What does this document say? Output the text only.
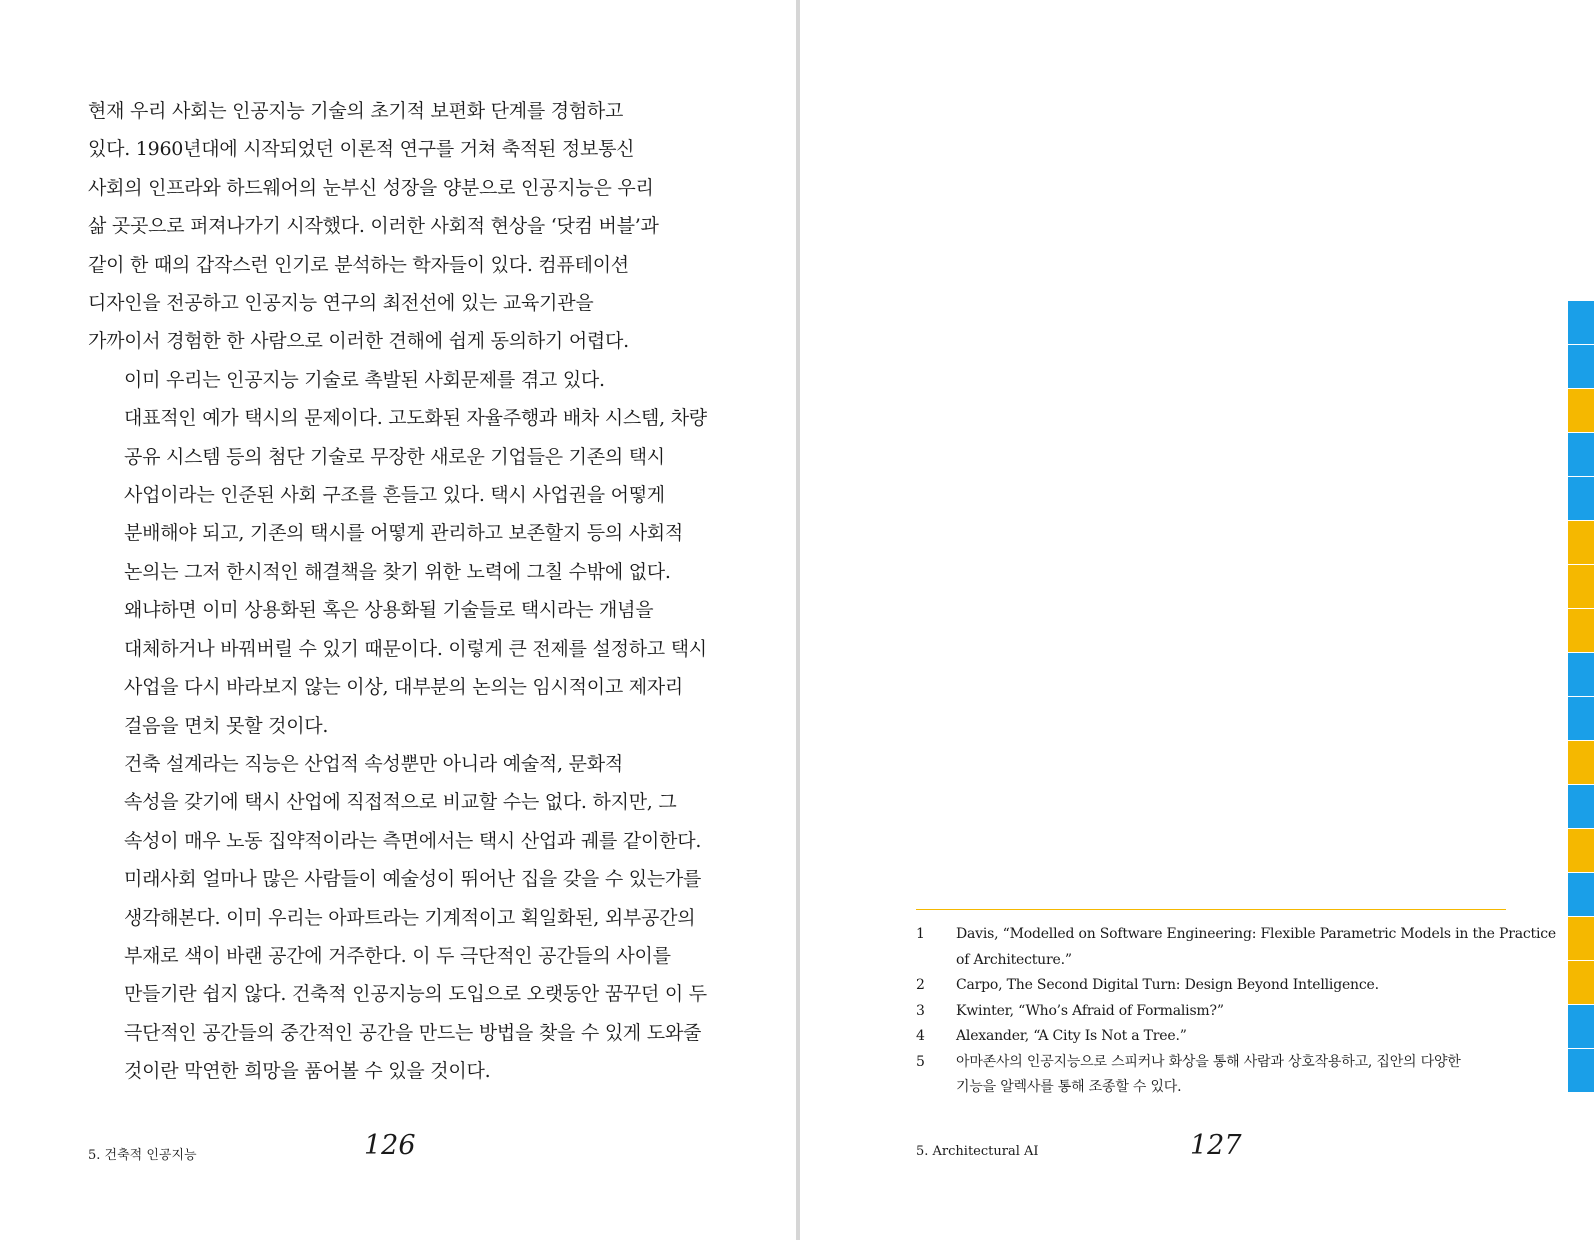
현재 우리 사회는 인공지능 기술의 초기적 보편화 단계를 경험하고
있다. 1960년대에 시작되었던 이론적 연구를 거쳐 축적된 정보통신
사회의 인프라와 하드웨어의 눈부신 성장을 양분으로 인공지능은 우리
삶 곳곳으로 퍼져나가기 시작했다. 이러한 사회적 현상을 ‘닷컴 버블’과
같이 한 때의 갑작스런 인기로 분석하는 학자들이 있다. 컴퓨테이션
디자인을 전공하고 인공지능 연구의 최전선에 있는 교육기관을
가까이서 경험한 한 사람으로 이러한 견해에 쉽게 동의하기 어렵다.

이미 우리는 인공지능 기술로 촉발된 사회문제를 겪고 있다.
대표적인 예가 택시의 문제이다. 고도화된 자율주행과 배차 시스템, 차량
공유 시스템 등의 첨단 기술로 무장한 새로운 기업들은 기존의 택시
사업이라는 인준된 사회 구조를 흔들고 있다. 택시 사업권을 어떻게
분배해야 되고, 기존의 택시를 어떻게 관리하고 보존할지 등의 사회적
논의는 그저 한시적인 해결책을 찾기 위한 노력에 그칠 수밖에 없다.
왜냐하면 이미 상용화된 혹은 상용화될 기술들로 택시라는 개념을
대체하거나 바꿔버릴 수 있기 때문이다. 이렇게 큰 전제를 설정하고 택시
사업을 다시 바라보지 않는 이상, 대부분의 논의는 임시적이고 제자리
걸음을 면치 못할 것이다.

건축 설계라는 직능은 산업적 속성뿐만 아니라 예술적, 문화적
속성을 갖기에 택시 산업에 직접적으로 비교할 수는 없다. 하지만, 그
속성이 매우 노동 집약적이라는 측면에서는 택시 산업과 궤를 같이한다.
미래사회 얼마나 많은 사람들이 예술성이 뛰어난 집을 갖을 수 있는가를
생각해본다. 이미 우리는 아파트라는 기계적이고 획일화된, 외부공간의
부재로 색이 바랜 공간에 거주한다. 이 두 극단적인 공간들의 사이를
만들기란 쉽지 않다. 건축적 인공지능의 도입으로 오랫동안 꿈꾸던 이 두
극단적인 공간들의 중간적인 공간을 만드는 방법을 찾을 수 있게 도와줄
것이란 막연한 희망을 품어볼 수 있을 것이다.

5. 건축적 인공지능	126
1 Davis, “Modelled on Software Engineering: Flexible Parametric Models in the Practice
of Architecture.”
2 Carpo, The Second Digital Turn: Design Beyond Intelligence.
3 Kwinter, “Who’s Afraid of Formalism?”
4 Alexander, “A City Is Not a Tree.”
5 아마존사의 인공지능으로 스피커나 화상을 통해 사람과 상호작용하고, 집안의 다양한
기능을 알렉사를 통해 조종할 수 있다.
5. Architectural AI	127
